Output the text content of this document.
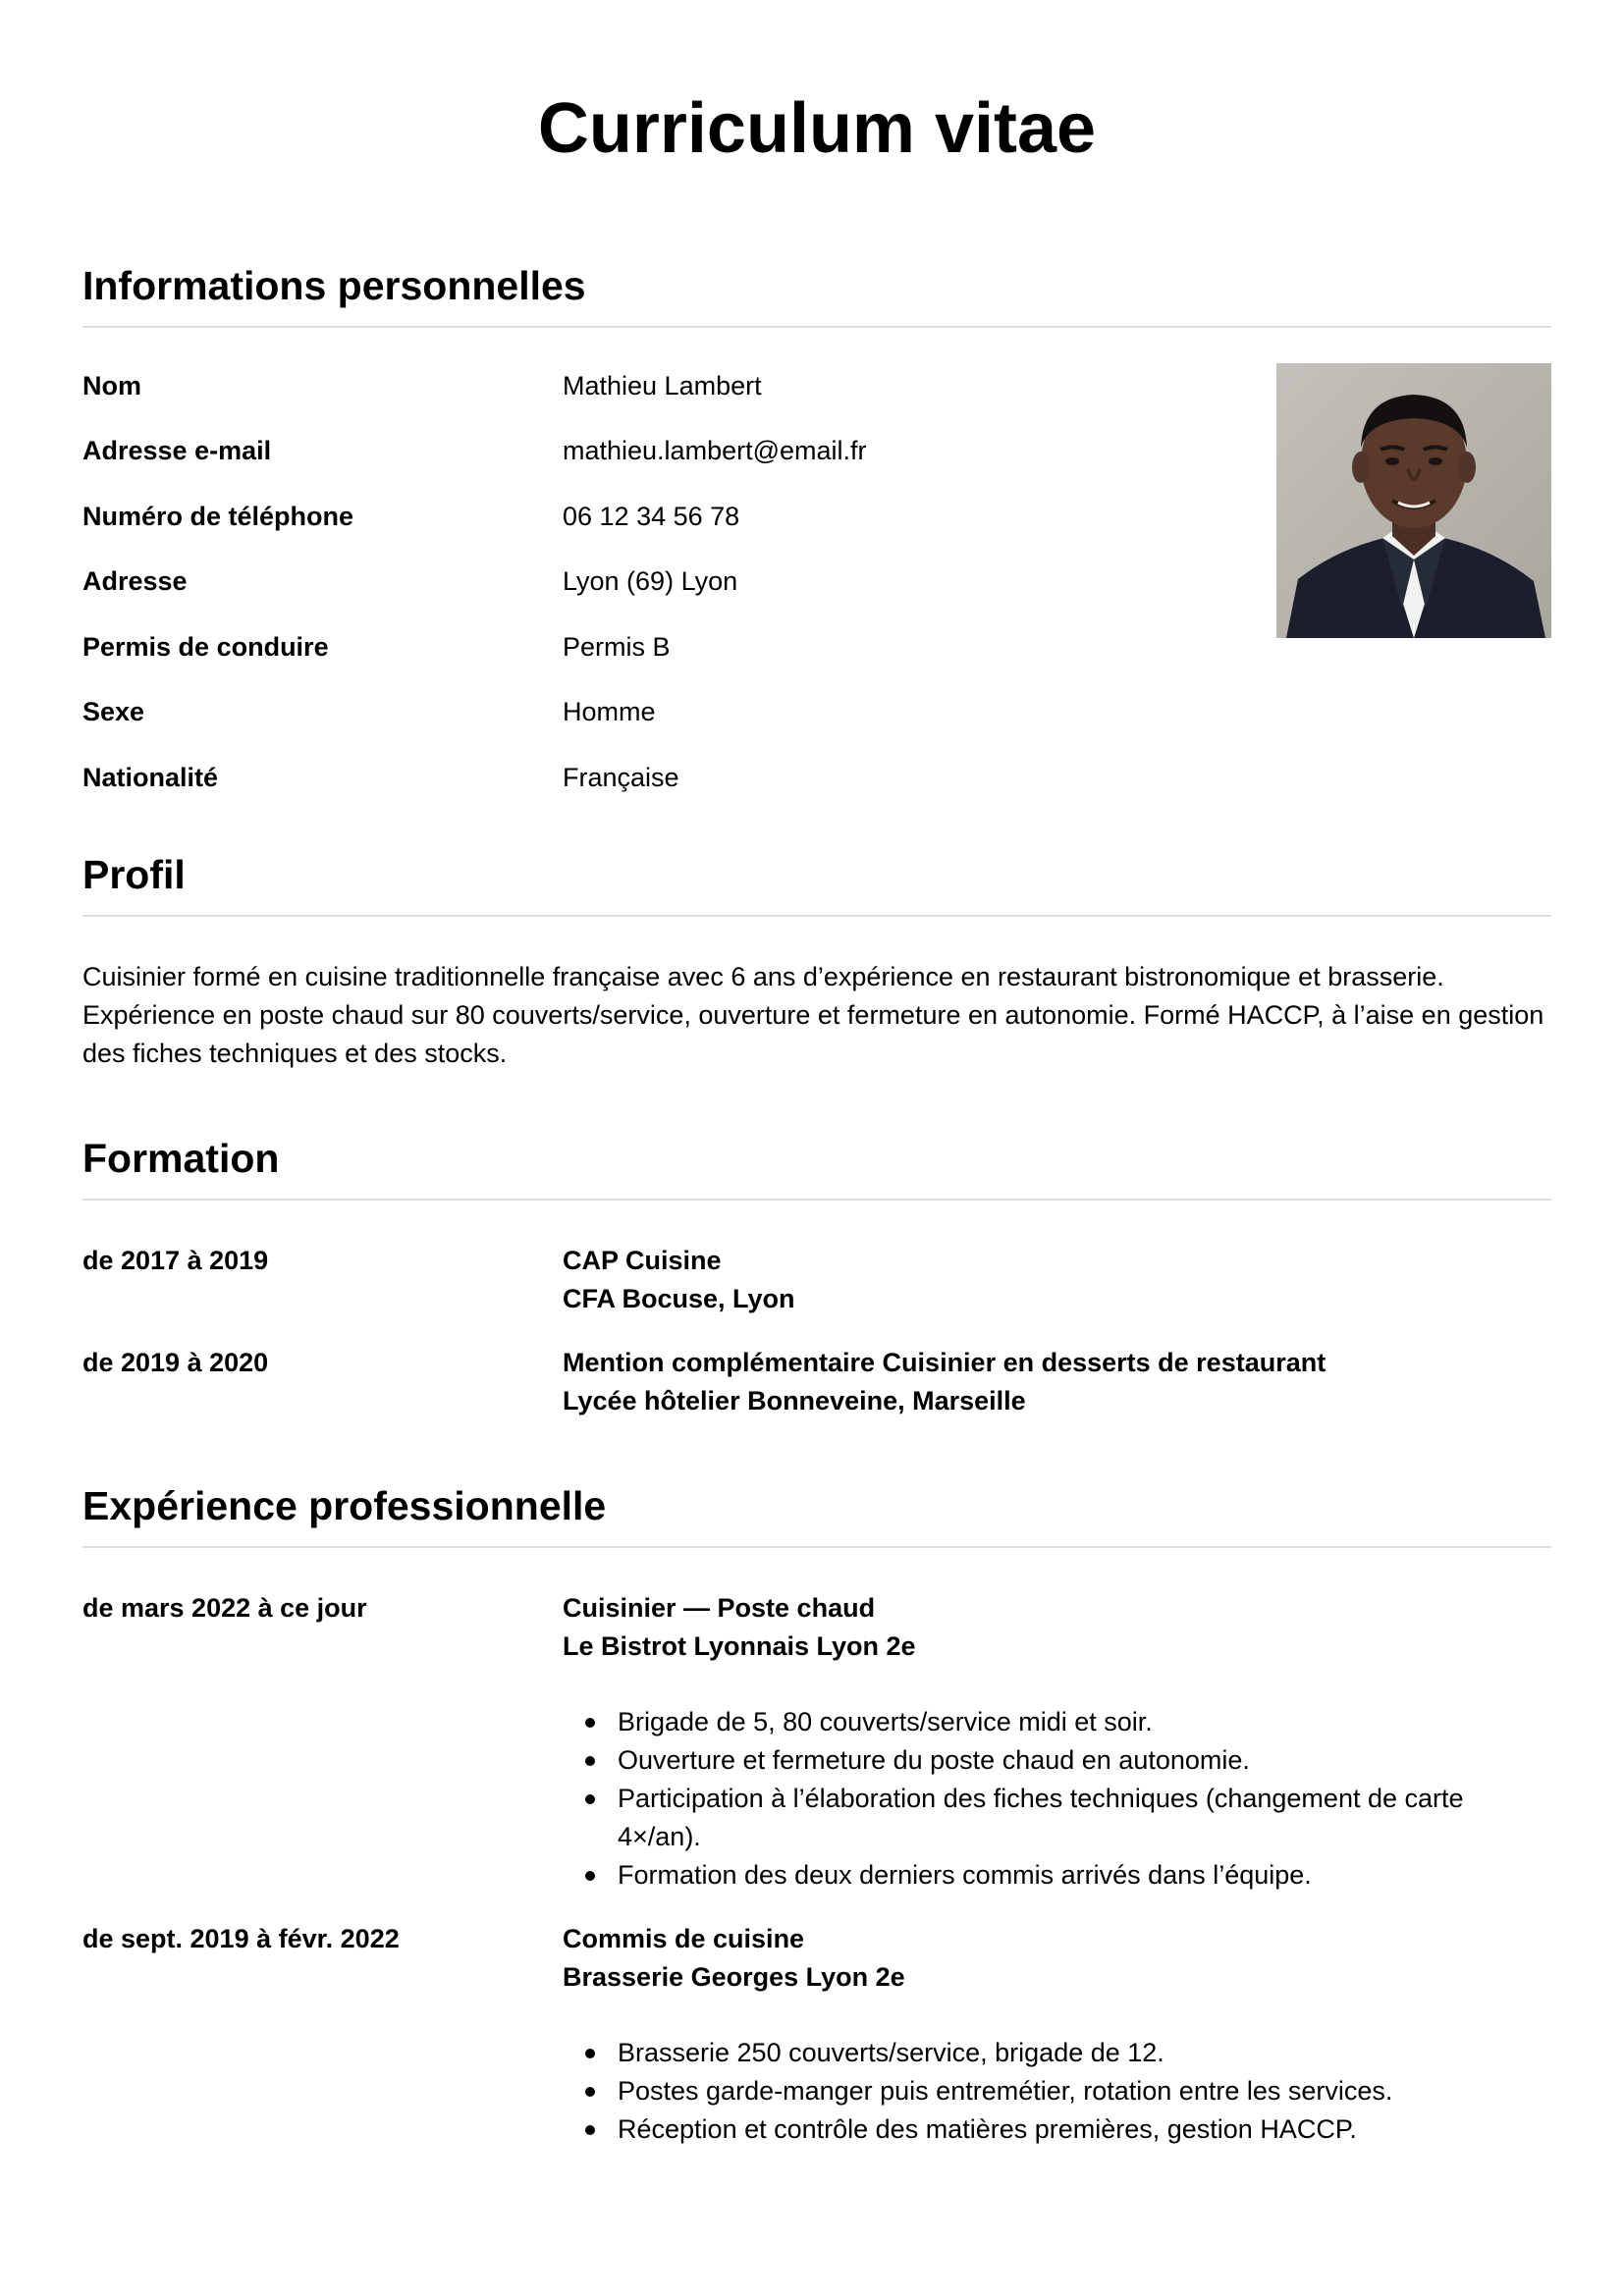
Curriculum vitae
Informations personnelles
Nom	Mathieu Lambert
Adresse e-mail	mathieu.lambert@email.fr
Numéro de téléphone	06 12 34 56 78
Adresse	Lyon (69) Lyon
Permis de conduire	Permis B
Sexe	Homme
Nationalité	Française
Profil

Cuisinier formé en cuisine traditionnelle française avec 6 ans d’expérience en restaurant bistronomique et brasserie. Expérience en poste chaud sur 80 couverts/service, ouverture et fermeture en autonomie. Formé HACCP, à l’aise en gestion des fiches techniques et des stocks.

Formation
de 2017 à 2019	CAP Cuisine
CFA Bocuse, Lyon
de 2019 à 2020	Mention complémentaire Cuisinier en desserts de restaurant
Lycée hôtelier Bonneveine, Marseille
Expérience professionnelle
de mars 2022 à ce jour	Cuisinier — Poste chaud
Le Bistrot Lyonnais Lyon 2e
Brigade de 5, 80 couverts/service midi et soir.
Ouverture et fermeture du poste chaud en autonomie.
Participation à l’élaboration des fiches techniques (changement de carte 4×/an).
Formation des deux derniers commis arrivés dans l’équipe.
de sept. 2019 à févr. 2022	Commis de cuisine
Brasserie Georges Lyon 2e
Brasserie 250 couverts/service, brigade de 12.
Postes garde-manger puis entremétier, rotation entre les services.
Réception et contrôle des matières premières, gestion HACCP.
